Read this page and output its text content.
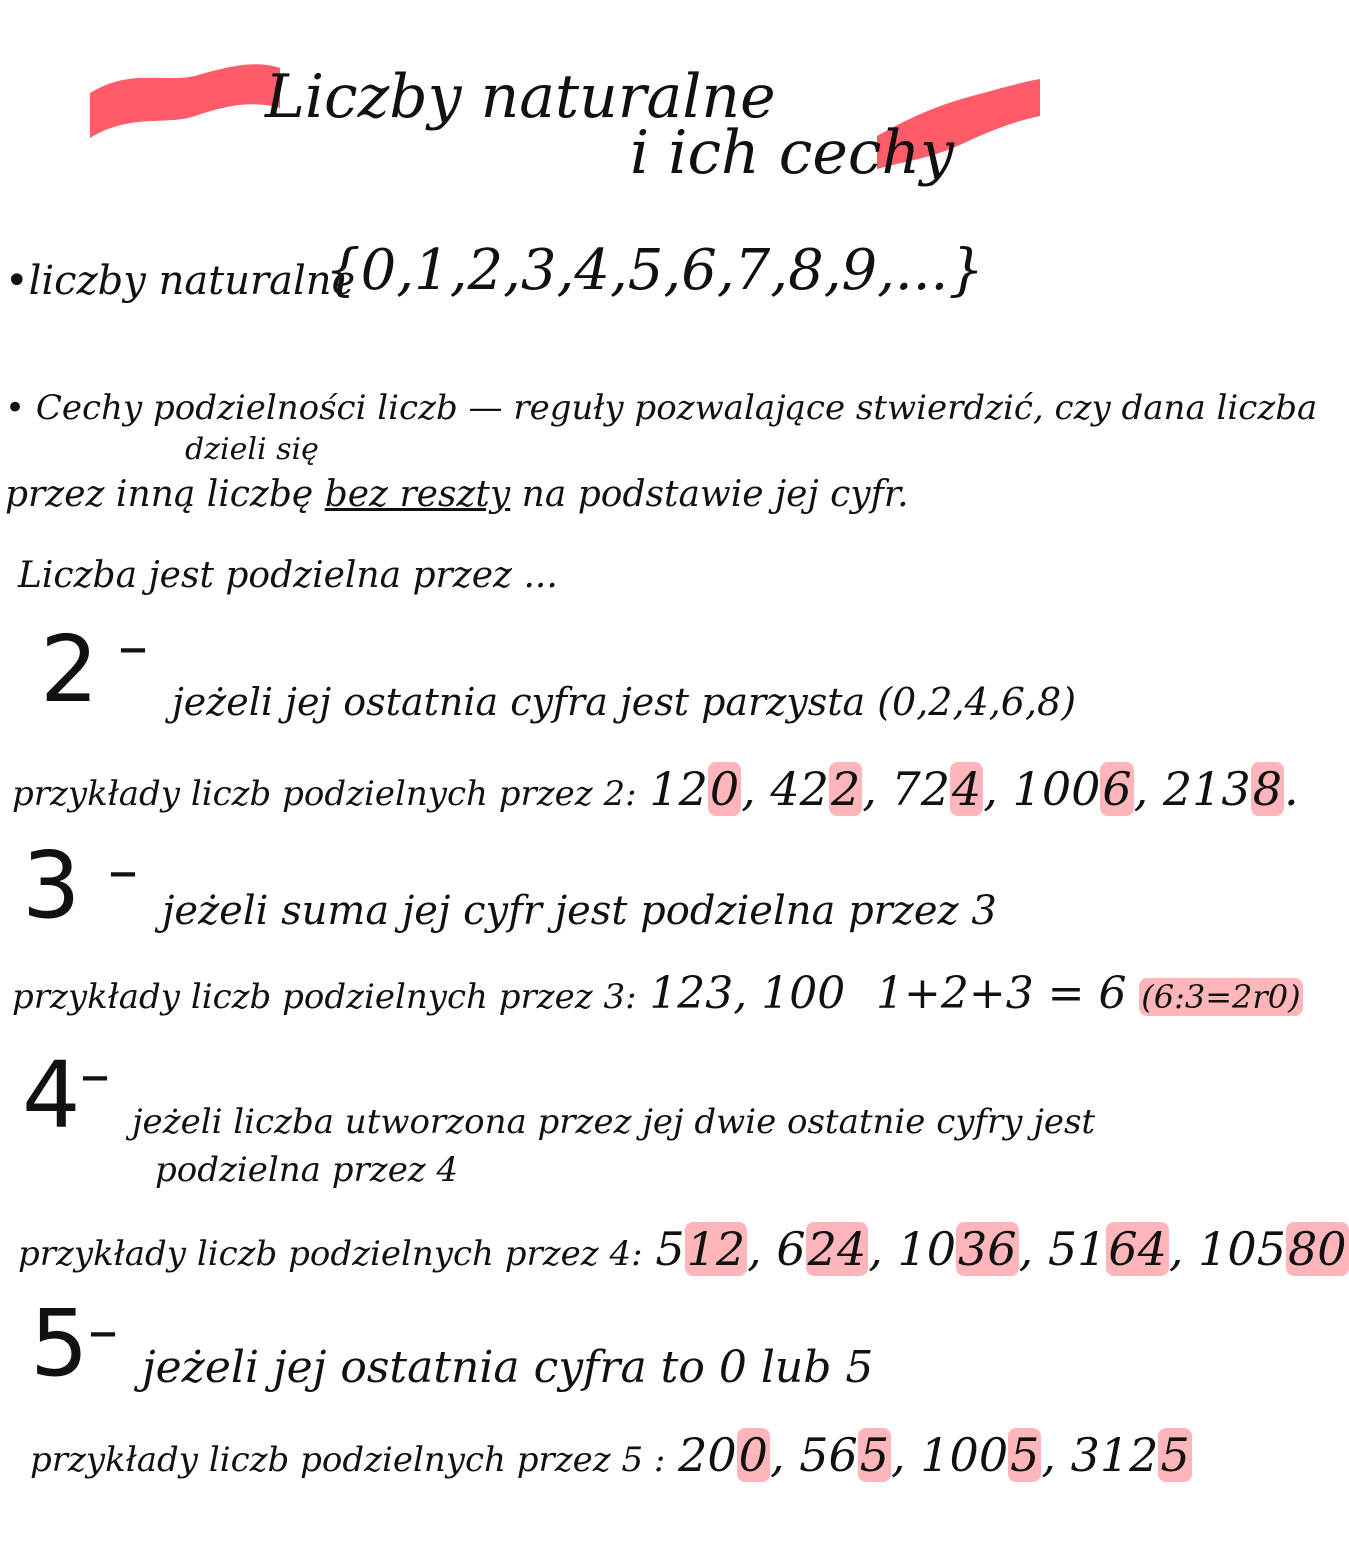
Liczby naturalne
i ich cechy
•liczby naturalne
{0,1,2,3,4,5,6,7,8,9,...}
• Cechy podzielności liczb — reguły pozwalające stwierdzić, czy dana liczba
dzieli się
przez inną liczbę bez reszty na podstawie jej cyfr.
Liczba jest podzielna przez ...
2 –
jeżeli jej ostatnia cyfra jest parzysta (0,2,4,6,8)
przykłady liczb podzielnych przez 2: 120, 422, 724, 1006, 2138.
3 –
jeżeli suma jej cyfr jest podzielna przez 3
przykłady liczb podzielnych przez 3: 123, 100 1+2+3 = 6 (6:3=2r0)
4 –
jeżeli liczba utworzona przez jej dwie ostatnie cyfry jest
podzielna przez 4
przykłady liczb podzielnych przez 4: 512, 624, 1036, 5164, 10580
5 –
jeżeli jej ostatnia cyfra to 0 lub 5
przykłady liczb podzielnych przez 5 : 200, 565, 1005, 3125
